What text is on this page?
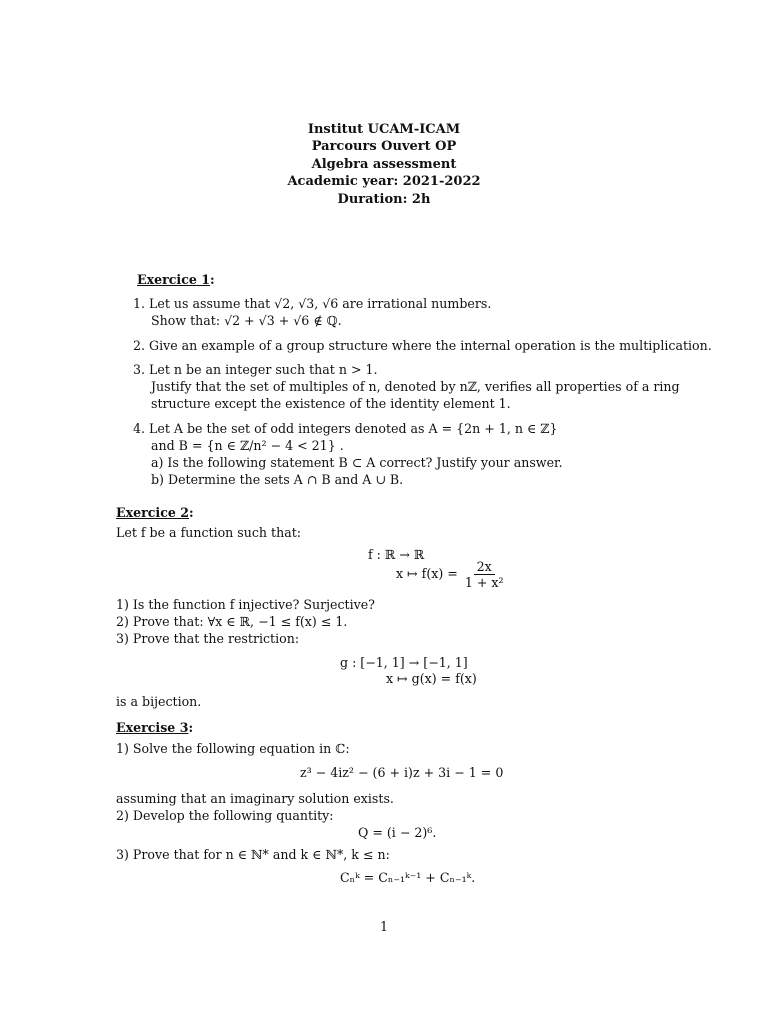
Institut UCAM-ICAM
Parcours Ouvert OP
Algebra assessment
Academic year: 2021-2022
Duration: 2h
Exercice 1:
1. Let us assume that √2, √3, √6 are irrational numbers.
Show that: √2 + √3 + √6 ∉ ℚ.
2. Give an example of a group structure where the internal operation is the multiplication.
3. Let n be an integer such that n > 1.
Justify that the set of multiples of n, denoted by nℤ, verifies all properties of a ring
structure except the existence of the identity element 1.
4. Let A be the set of odd integers denoted as A = {2n + 1, n ∈ ℤ}
and B = {n ∈ ℤ/n² − 4 < 21} .
a) Is the following statement B ⊂ A correct? Justify your answer.
b) Determine the sets A ∩ B and A ∪ B.
Exercice 2:
Let f be a function such that:
f : ℝ → ℝ
x ↦ $f(x) = \frac{2x}{\text{1 + x²}}$
1) Is the function f injective? Surjective?
2) Prove that: ∀x ∈ ℝ, −1 ≤ f(x) ≤ 1.
3) Prove that the restriction:
g : [−1, 1] → [−1, 1]
x ↦ g(x) = f(x)
is a bijection.
Exercise 3:
1) Solve the following equation in ℂ:
z³ − 4iz² − (6 + i)z + 3i − 1 = 0
assuming that an imaginary solution exists.
2) Develop the following quantity:
Q = (i − 2)⁶.
3) Prove that for n ∈ ℕ* and k ∈ ℕ*, k ≤ n:
Cₙᵏ = Cₙ₋₁ᵏ⁻¹ + Cₙ₋₁ᵏ.
1
